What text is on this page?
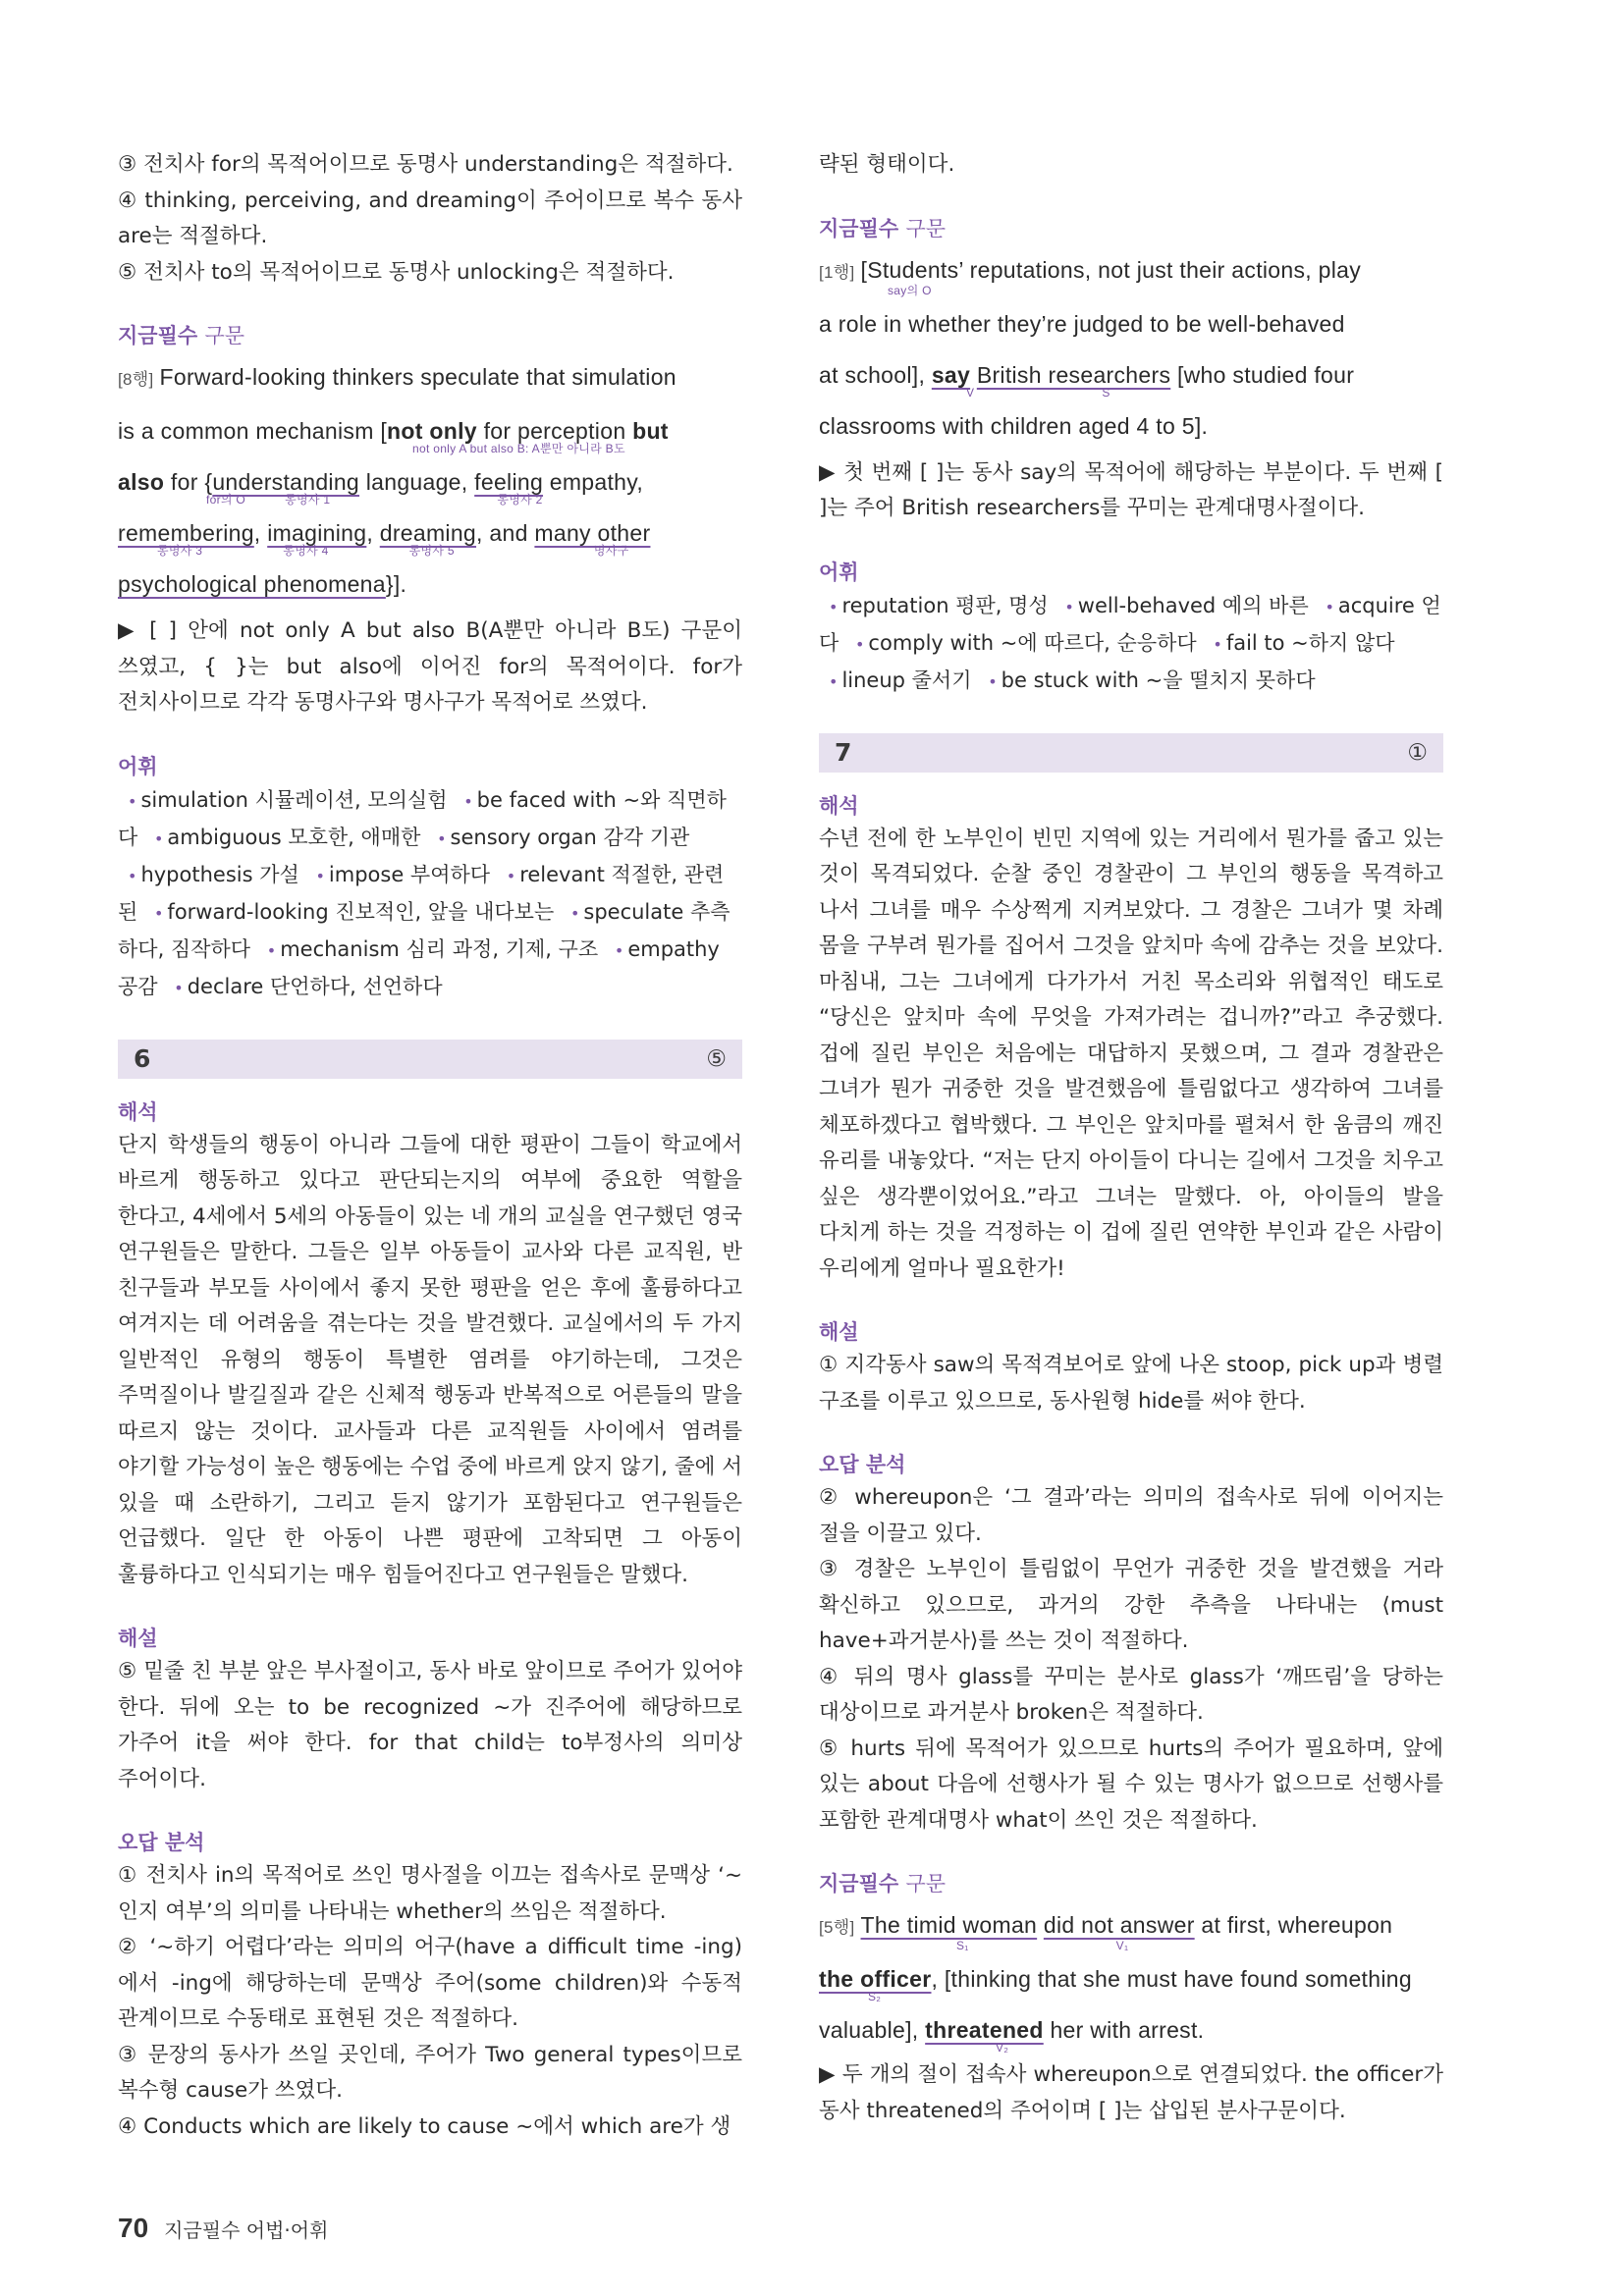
③ 전치사 for의 목적어이므로 동명사 understanding은 적절하다.
④ thinking, perceiving, and dreaming이 주어이므로 복수 동사 are는 적절하다.
⑤ 전치사 to의 목적어이므로 동명사 unlocking은 적절하다.
지금필수 구문
[8행] Forward-looking thinkers speculate that simulation
is a common mechanism [not only for perception but
not only A but also B: A뿐만 아니라 B도
also for {understanding language, feeling empathy,
for의 O	동명사 1	동명사 2
remembering, imagining, dreaming, and many other
동명사 3	동명사 4	동명사 5	명사구
psychological phenomena}].
▶ [ ] 안에 not only A but also B(A뿐만 아니라 B도) 구문이 쓰였고, { }는 but also에 이어진 for의 목적어이다. for가 전치사이므로 각각 동명사구와 명사구가 목적어로 쓰였다.
어휘
• simulation 시뮬레이션, 모의실험 • be faced with ~와 직면하다 • ambiguous 모호한, 애매한 • sensory organ 감각 기관 • hypothesis 가설 • impose 부여하다 • relevant 적절한, 관련된 • forward-looking 진보적인, 앞을 내다보는 • speculate 추측하다, 짐작하다 • mechanism 심리 과정, 기제, 구조 • empathy 공감 • declare 단언하다, 선언하다
6	⑤
해석
단지 학생들의 행동이 아니라 그들에 대한 평판이 그들이 학교에서 바르게 행동하고 있다고 판단되는지의 여부에 중요한 역할을 한다고, 4세에서 5세의 아동들이 있는 네 개의 교실을 연구했던 영국 연구원들은 말한다. 그들은 일부 아동들이 교사와 다른 교직원, 반 친구들과 부모들 사이에서 좋지 못한 평판을 얻은 후에 훌륭하다고 여겨지는 데 어려움을 겪는다는 것을 발견했다. 교실에서의 두 가지 일반적인 유형의 행동이 특별한 염려를 야기하는데, 그것은 주먹질이나 발길질과 같은 신체적 행동과 반복적으로 어른들의 말을 따르지 않는 것이다. 교사들과 다른 교직원들 사이에서 염려를 야기할 가능성이 높은 행동에는 수업 중에 바르게 앉지 않기, 줄에 서 있을 때 소란하기, 그리고 듣지 않기가 포함된다고 연구원들은 언급했다. 일단 한 아동이 나쁜 평판에 고착되면 그 아동이 훌륭하다고 인식되기는 매우 힘들어진다고 연구원들은 말했다.
해설
⑤ 밑줄 친 부분 앞은 부사절이고, 동사 바로 앞이므로 주어가 있어야 한다. 뒤에 오는 to be recognized ~가 진주어에 해당하므로 가주어 it을 써야 한다. for that child는 to부정사의 의미상 주어이다.
오답 분석
① 전치사 in의 목적어로 쓰인 명사절을 이끄는 접속사로 문맥상 ‘~인지 여부’의 의미를 나타내는 whether의 쓰임은 적절하다.
② ‘~하기 어렵다’라는 의미의 어구(have a difficult time -ing)에서 -ing에 해당하는데 문맥상 주어(some children)와 수동적 관계이므로 수동태로 표현된 것은 적절하다.
③ 문장의 동사가 쓰일 곳인데, 주어가 Two general types이므로 복수형 cause가 쓰였다.
④ Conducts which are likely to cause ~에서 which are가 생
략된 형태이다.
지금필수 구문
[1행] [Students’ reputations, not just their actions, play
say의 O
a role in whether they’re judged to be well-behaved
at school], say British researchers [who studied four
V	S
classrooms with children aged 4 to 5].
▶ 첫 번째 [ ]는 동사 say의 목적어에 해당하는 부분이다. 두 번째 [ ]는 주어 British researchers를 꾸미는 관계대명사절이다.
어휘
• reputation 평판, 명성 • well-behaved 예의 바른 • acquire 얻다 • comply with ~에 따르다, 순응하다 • fail to ~하지 않다 • lineup 줄서기 • be stuck with ~을 떨치지 못하다
7	①
해석
수년 전에 한 노부인이 빈민 지역에 있는 거리에서 뭔가를 줍고 있는 것이 목격되었다. 순찰 중인 경찰관이 그 부인의 행동을 목격하고 나서 그녀를 매우 수상쩍게 지켜보았다. 그 경찰은 그녀가 몇 차례 몸을 구부려 뭔가를 집어서 그것을 앞치마 속에 감추는 것을 보았다. 마침내, 그는 그녀에게 다가가서 거친 목소리와 위협적인 태도로 “당신은 앞치마 속에 무엇을 가져가려는 겁니까?”라고 추궁했다. 겁에 질린 부인은 처음에는 대답하지 못했으며, 그 결과 경찰관은 그녀가 뭔가 귀중한 것을 발견했음에 틀림없다고 생각하여 그녀를 체포하겠다고 협박했다. 그 부인은 앞치마를 펼쳐서 한 움큼의 깨진 유리를 내놓았다. “저는 단지 아이들이 다니는 길에서 그것을 치우고 싶은 생각뿐이었어요.”라고 그녀는 말했다. 아, 아이들의 발을 다치게 하는 것을 걱정하는 이 겁에 질린 연약한 부인과 같은 사람이 우리에게 얼마나 필요한가!
해설
① 지각동사 saw의 목적격보어로 앞에 나온 stoop, pick up과 병렬 구조를 이루고 있으므로, 동사원형 hide를 써야 한다.
오답 분석
② whereupon은 ‘그 결과’라는 의미의 접속사로 뒤에 이어지는 절을 이끌고 있다.
③ 경찰은 노부인이 틀림없이 무언가 귀중한 것을 발견했을 거라 확신하고 있으므로, 과거의 강한 추측을 나타내는 ⟨must have+과거분사⟩를 쓰는 것이 적절하다.
④ 뒤의 명사 glass를 꾸미는 분사로 glass가 ‘깨뜨림’을 당하는 대상이므로 과거분사 broken은 적절하다.
⑤ hurts 뒤에 목적어가 있으므로 hurts의 주어가 필요하며, 앞에 있는 about 다음에 선행사가 될 수 있는 명사가 없으므로 선행사를 포함한 관계대명사 what이 쓰인 것은 적절하다.
지금필수 구문
[5행] The timid woman did not answer at first, whereupon
S₁	V₁
the officer, [thinking that she must have found something
S₂
valuable], threatened her with arrest.
V₂
▶ 두 개의 절이 접속사 whereupon으로 연결되었다. the officer가 동사 threatened의 주어이며 [ ]는 삽입된 분사구문이다.
70 지금필수 어법·어휘
